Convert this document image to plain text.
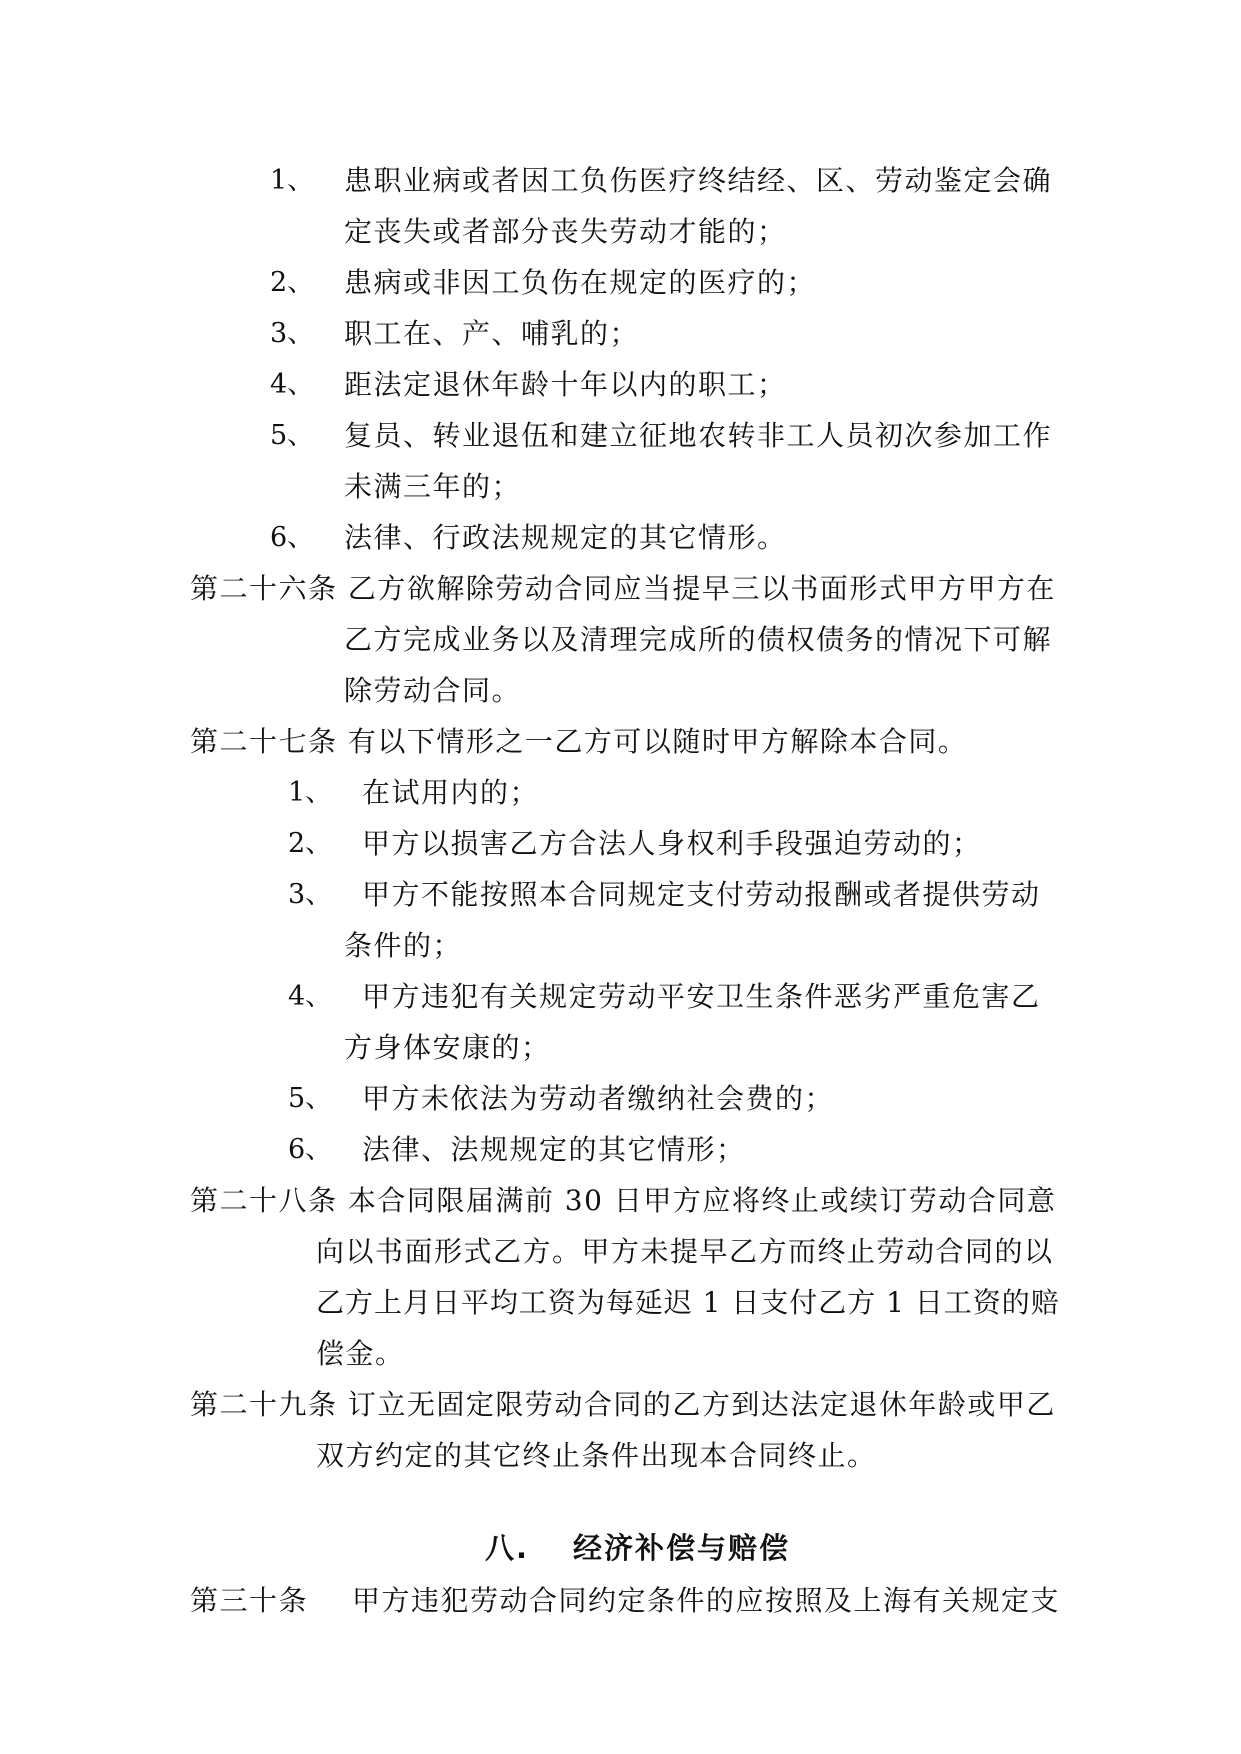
1、 患职业病或者因工负伤医疗终结经、区、劳动鉴定会确
定丧失或者部分丧失劳动才能的；
2、 患病或非因工负伤在规定的医疗的；
3、 职工在、产、哺乳的；
4、 距法定退休年龄十年以内的职工；
5、 复员、转业退伍和建立征地农转非工人员初次参加工作
未满三年的；
6、 法律、行政法规规定的其它情形。
第二十六条 乙方欲解除劳动合同应当提早三以书面形式甲方甲方在
乙方完成业务以及清理完成所的债权债务的情况下可解
除劳动合同。
第二十七条 有以下情形之一乙方可以随时甲方解除本合同。
1、 在试用内的；
2、 甲方以损害乙方合法人身权利手段强迫劳动的；
3、 甲方不能按照本合同规定支付劳动报酬或者提供劳动
条件的；
4、 甲方违犯有关规定劳动平安卫生条件恶劣严重危害乙
方身体安康的；
5、 甲方未依法为劳动者缴纳社会费的；
6、 法律、法规规定的其它情形；
第二十八条 本合同限届满前 30 日甲方应将终止或续订劳动合同意
向以书面形式乙方。甲方未提早乙方而终止劳动合同的以
乙方上月日平均工资为每延迟 1 日支付乙方 1 日工资的赔
偿金。
第二十九条 订立无固定限劳动合同的乙方到达法定退休年龄或甲乙
双方约定的其它终止条件出现本合同终止。
八. 经济补偿与赔偿
第三十条 甲方违犯劳动合同约定条件的应按照及上海有关规定支
